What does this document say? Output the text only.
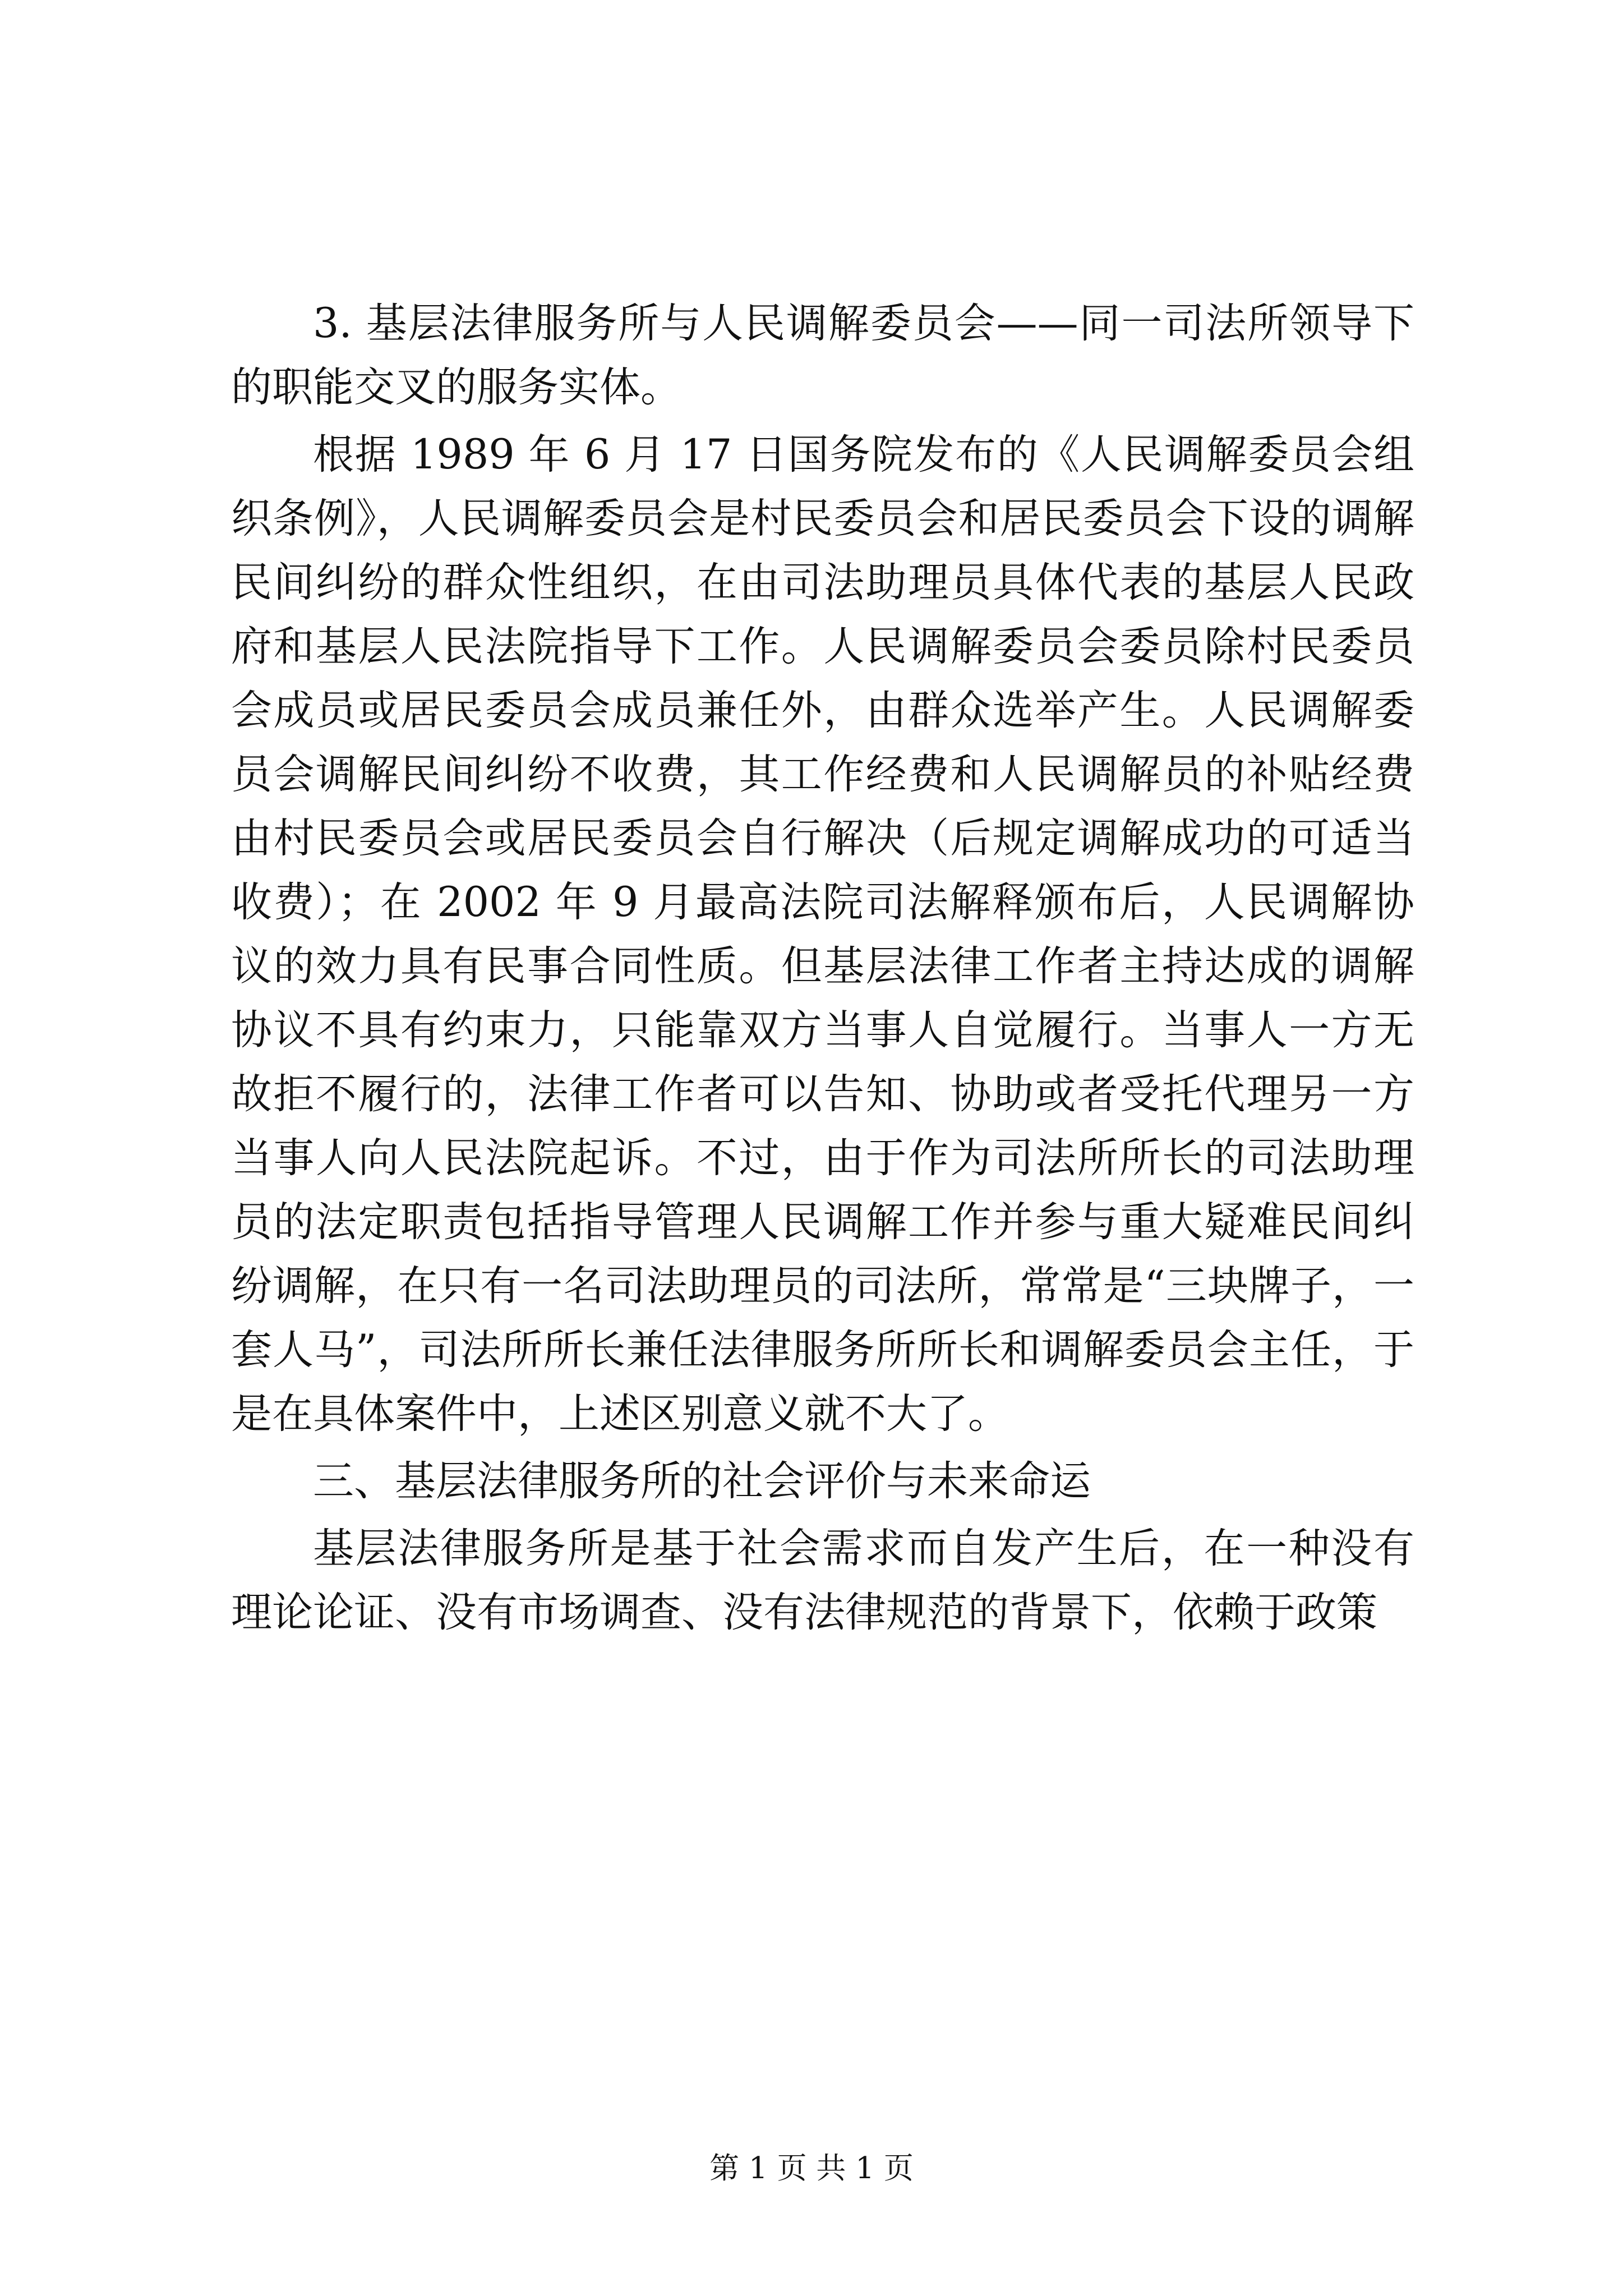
3. 基层法律服务所与人民调解委员会——同一司法所领导下的职能交叉的服务实体。

根据 1989 年 6 月 17 日国务院发布的《人民调解委员会组织条例》，人民调解委员会是村民委员会和居民委员会下设的调解民间纠纷的群众性组织，在由司法助理员具体代表的基层人民政府和基层人民法院指导下工作。人民调解委员会委员除村民委员会成员或居民委员会成员兼任外，由群众选举产生。人民调解委员会调解民间纠纷不收费，其工作经费和人民调解员的补贴经费由村民委员会或居民委员会自行解决（后规定调解成功的可适当收费）；在 2002 年 9 月最高法院司法解释颁布后，人民调解协议的效力具有民事合同性质。但基层法律工作者主持达成的调解协议不具有约束力，只能靠双方当事人自觉履行。当事人一方无故拒不履行的，法律工作者可以告知、协助或者受托代理另一方当事人向人民法院起诉。不过，由于作为司法所所长的司法助理员的法定职责包括指导管理人民调解工作并参与重大疑难民间纠纷调解，在只有一名司法助理员的司法所，常常是“三块牌子，一套人马”，司法所所长兼任法律服务所所长和调解委员会主任，于是在具体案件中，上述区别意义就不大了。

三、基层法律服务所的社会评价与未来命运

基层法律服务所是基于社会需求而自发产生后，在一种没有理论论证、没有市场调查、没有法律规范的背景下，依赖于政策

第 1 页 共 1 页
